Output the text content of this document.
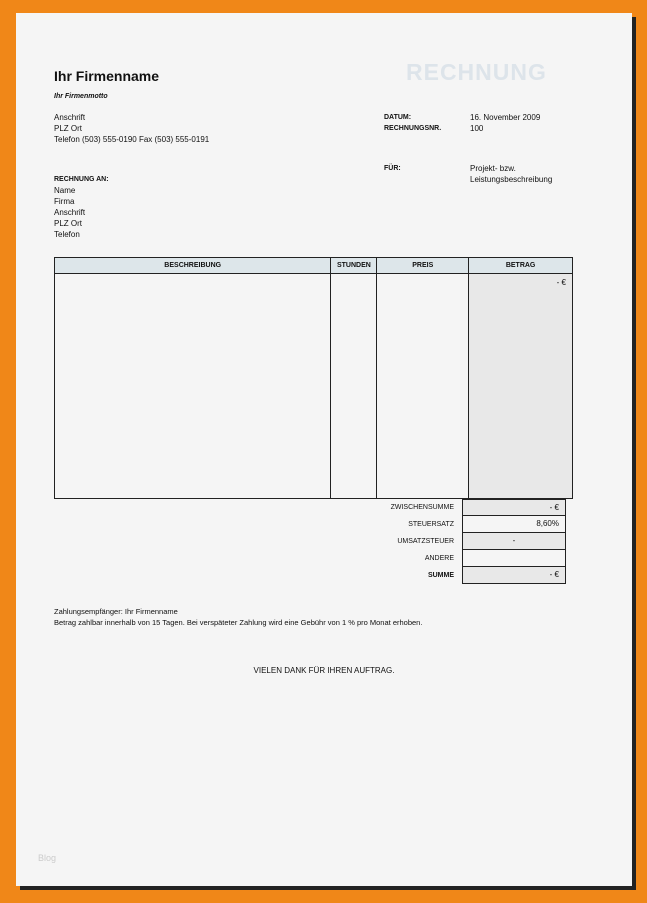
Ihr Firmenname
Ihr Firmenmotto
RECHNUNG
Anschrift
PLZ Ort
Telefon (503) 555-0190 Fax (503) 555-0191
DATUM:	16. November 2009
RECHNUNGSNR.	100
FÜR:	Projekt- bzw.
Leistungsbeschreibung
RECHNUNG AN:
Name
Firma
Anschrift
PLZ Ort
Telefon
BESCHREIBUNG	STUNDEN	PREIS	BETRAG
			- €
ZWISCHENSUMME	- €
STEUERSATZ	8,60%
UMSATZSTEUER	-
ANDERE
SUMME	- €
Zahlungsempfänger: Ihr Firmenname
Betrag zahlbar innerhalb von 15 Tagen. Bei verspäteter Zahlung wird eine Gebühr von 1 % pro Monat erhoben.
VIELEN DANK FÜR IHREN AUFTRAG.
Blog
